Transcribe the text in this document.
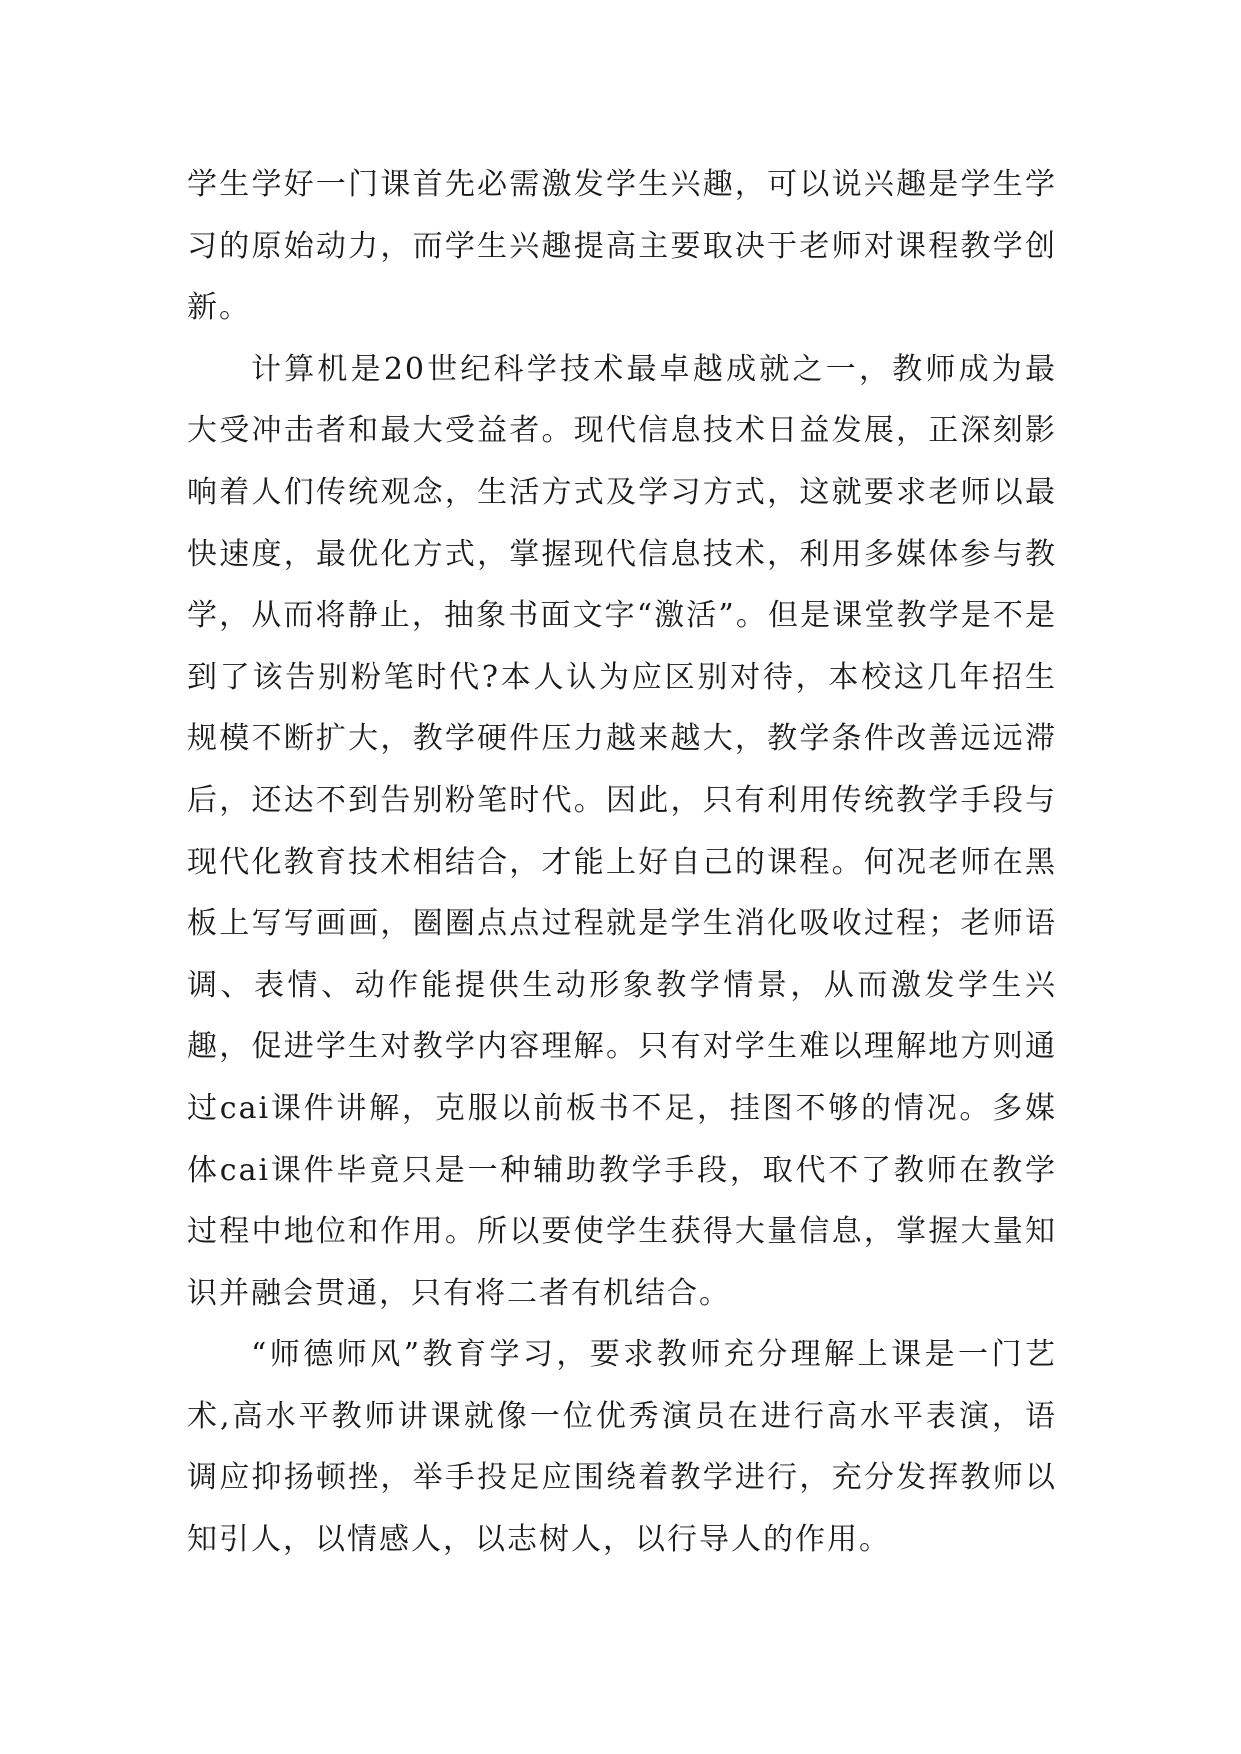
学生学好一门课首先必需激发学生兴趣，可以说兴趣是学生学习的原始动力，而学生兴趣提高主要取决于老师对课程教学创新。

计算机是20世纪科学技术最卓越成就之一，教师成为最大受冲击者和最大受益者。现代信息技术日益发展，正深刻影响着人们传统观念，生活方式及学习方式，这就要求老师以最快速度，最优化方式，掌握现代信息技术，利用多媒体参与教学，从而将静止，抽象书面文字“激活”。但是课堂教学是不是到了该告别粉笔时代?本人认为应区别对待，本校这几年招生规模不断扩大，教学硬件压力越来越大，教学条件改善远远滞后，还达不到告别粉笔时代。因此，只有利用传统教学手段与现代化教育技术相结合，才能上好自己的课程。何况老师在黑板上写写画画，圈圈点点过程就是学生消化吸收过程；老师语调、表情、动作能提供生动形象教学情景，从而激发学生兴趣，促进学生对教学内容理解。只有对学生难以理解地方则通过cai课件讲解，克服以前板书不足，挂图不够的情况。多媒体cai课件毕竟只是一种辅助教学手段，取代不了教师在教学过程中地位和作用。所以要使学生获得大量信息，掌握大量知识并融会贯通，只有将二者有机结合。

“师德师风”教育学习，要求教师充分理解上课是一门艺术,高水平教师讲课就像一位优秀演员在进行高水平表演，语调应抑扬顿挫，举手投足应围绕着教学进行，充分发挥教师以知引人，以情感人，以志树人，以行导人的作用。
